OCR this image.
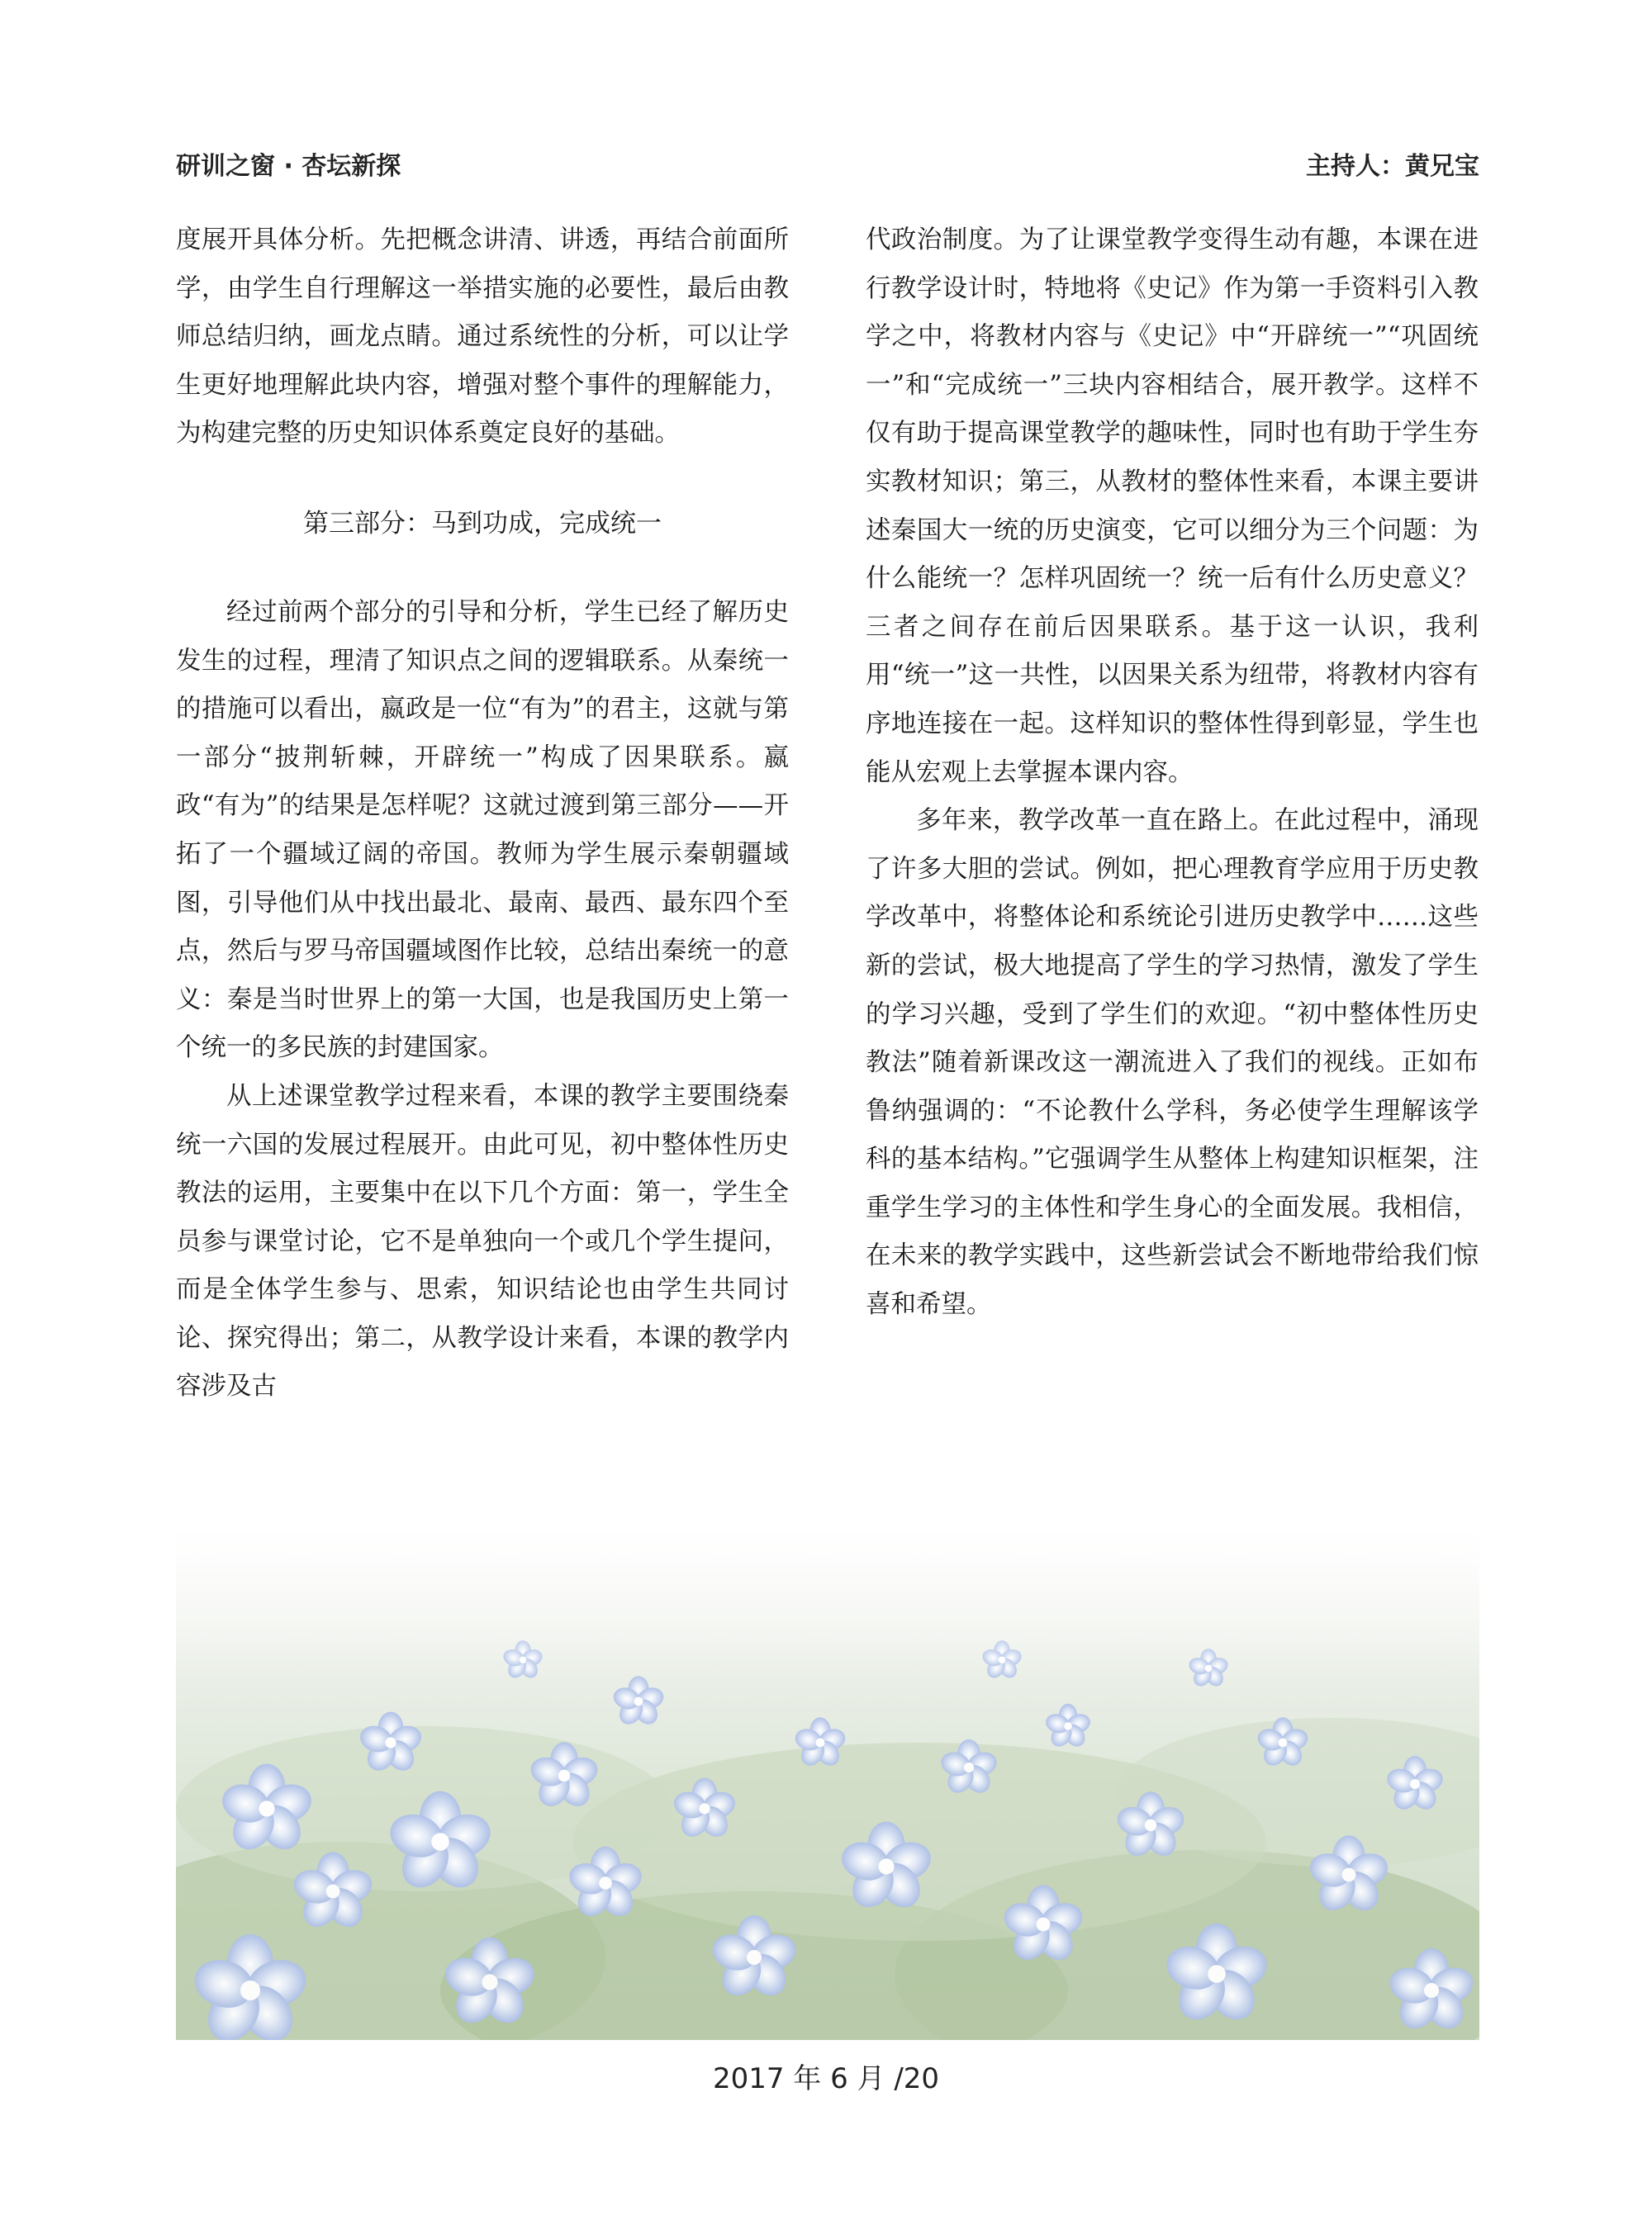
研训之窗 · 杏坛新探	主持人：黄兄宝

度展开具体分析。先把概念讲清、讲透，再结合前面所学，由学生自行理解这一举措实施的必要性，最后由教师总结归纳，画龙点睛。通过系统性的分析，可以让学生更好地理解此块内容，增强对整个事件的理解能力，为构建完整的历史知识体系奠定良好的基础。

第三部分：马到功成，完成统一

经过前两个部分的引导和分析，学生已经了解历史发生的过程，理清了知识点之间的逻辑联系。从秦统一的措施可以看出，嬴政是一位“有为”的君主，这就与第一部分“披荆斩棘，开辟统一”构成了因果联系。嬴政“有为”的结果是怎样呢？这就过渡到第三部分——开拓了一个疆域辽阔的帝国。教师为学生展示秦朝疆域图，引导他们从中找出最北、最南、最西、最东四个至点，然后与罗马帝国疆域图作比较，总结出秦统一的意义：秦是当时世界上的第一大国，也是我国历史上第一个统一的多民族的封建国家。

从上述课堂教学过程来看，本课的教学主要围绕秦统一六国的发展过程展开。由此可见，初中整体性历史教法的运用，主要集中在以下几个方面：第一，学生全员参与课堂讨论，它不是单独向一个或几个学生提问，而是全体学生参与、思索，知识结论也由学生共同讨论、探究得出；第二，从教学设计来看，本课的教学内容涉及古

代政治制度。为了让课堂教学变得生动有趣，本课在进行教学设计时，特地将《史记》作为第一手资料引入教学之中，将教材内容与《史记》中“开辟统一”“巩固统一”和“完成统一”三块内容相结合，展开教学。这样不仅有助于提高课堂教学的趣味性，同时也有助于学生夯实教材知识；第三，从教材的整体性来看，本课主要讲述秦国大一统的历史演变，它可以细分为三个问题：为什么能统一？怎样巩固统一？统一后有什么历史意义？三者之间存在前后因果联系。基于这一认识，我利用“统一”这一共性，以因果关系为纽带，将教材内容有序地连接在一起。这样知识的整体性得到彰显，学生也能从宏观上去掌握本课内容。

多年来，教学改革一直在路上。在此过程中，涌现了许多大胆的尝试。例如，把心理教育学应用于历史教学改革中，将整体论和系统论引进历史教学中……这些新的尝试，极大地提高了学生的学习热情，激发了学生的学习兴趣，受到了学生们的欢迎。“初中整体性历史教法”随着新课改这一潮流进入了我们的视线。正如布鲁纳强调的：“不论教什么学科，务必使学生理解该学科的基本结构。”它强调学生从整体上构建知识框架，注重学生学习的主体性和学生身心的全面发展。我相信，在未来的教学实践中，这些新尝试会不断地带给我们惊喜和希望。

2017 年 6 月 /20
